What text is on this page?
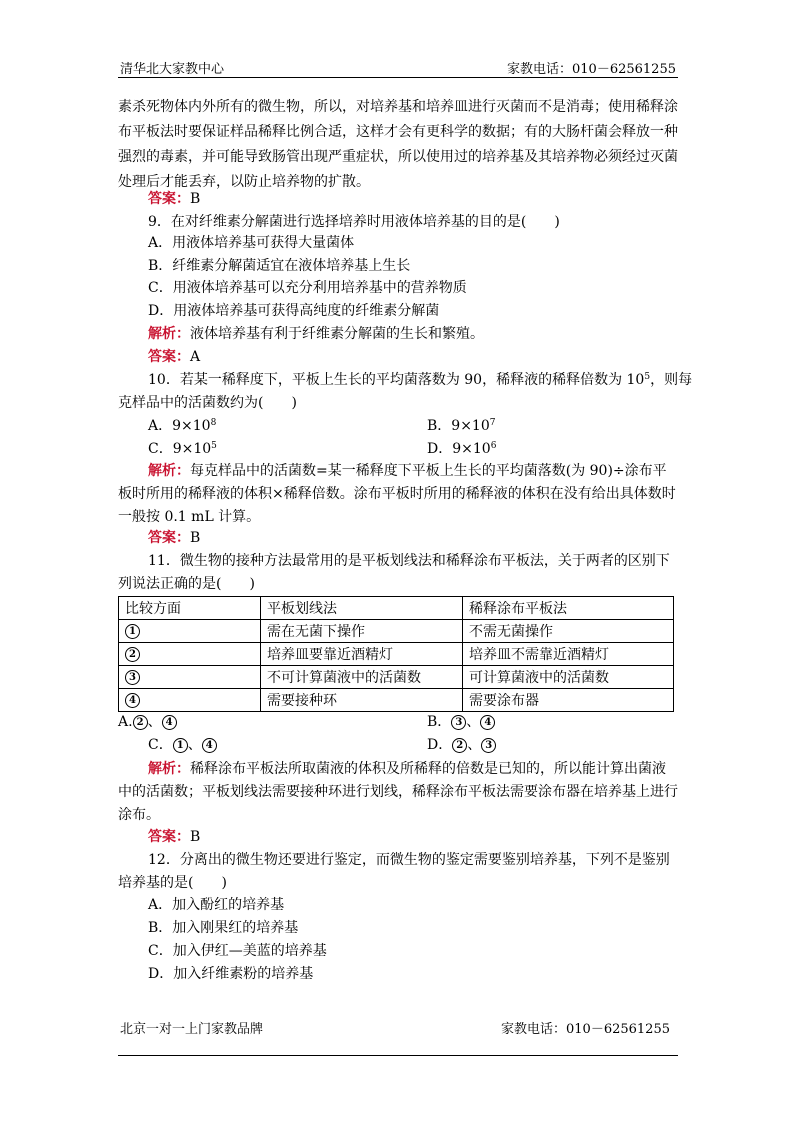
清华北大家教中心	家教电话：010－62561255
素杀死物体内外所有的微生物，所以，对培养基和培养皿进行灭菌而不是消毒；使用稀释涂布平板法时要保证样品稀释比例合适，这样才会有更科学的数据；有的大肠杆菌会释放一种强烈的毒素，并可能导致肠管出现严重症状，所以使用过的培养基及其培养物必须经过灭菌处理后才能丢弃，以防止培养物的扩散。
答案：B
9．在对纤维素分解菌进行选择培养时用液体培养基的目的是(　　)
A．用液体培养基可获得大量菌体
B．纤维素分解菌适宜在液体培养基上生长
C．用液体培养基可以充分利用培养基中的营养物质
D．用液体培养基可获得高纯度的纤维素分解菌
解析：液体培养基有利于纤维素分解菌的生长和繁殖。
答案：A
10．若某一稀释度下，平板上生长的平均菌落数为 90，稀释液的稀释倍数为 $10^5$，则每
克样品中的活菌数约为(　　)
A．$9\times 10^8$	B．$9\times 10^7$
C．$9\times 10^5$	D．$9\times 10^6$
解析：每克样品中的活菌数=某一稀释度下平板上生长的平均菌落数(为 90)÷涂布平板时所用的稀释液的体积×稀释倍数。涂布平板时所用的稀释液的体积在没有给出具体数时一般按 0.1 mL 计算。
答案：B
11．微生物的接种方法最常用的是平板划线法和稀释涂布平板法，关于两者的区别下列说法正确的是(　　)
比较方面	平板划线法	稀释涂布平板法
1	需在无菌下操作	不需无菌操作
2	培养皿要靠近酒精灯	培养皿不需靠近酒精灯
3	不可计算菌液中的活菌数	可计算菌液中的活菌数
4	需要接种环	需要涂布器
A. 2 、 4	B． 3 、 4
C． 1 、 4	D． 2 、 3
解析：稀释涂布平板法所取菌液的体积及所稀释的倍数是已知的，所以能计算出菌液中的活菌数；平板划线法需要接种环进行划线，稀释涂布平板法需要涂布器在培养基上进行涂布。
答案：B
12．分离出的微生物还要进行鉴定，而微生物的鉴定需要鉴别培养基，下列不是鉴别培养基的是(　　)
A．加入酚红的培养基
B．加入刚果红的培养基
C．加入伊红—美蓝的培养基
D．加入纤维素粉的培养基
北京一对一上门家教品牌	家教电话：010－62561255
